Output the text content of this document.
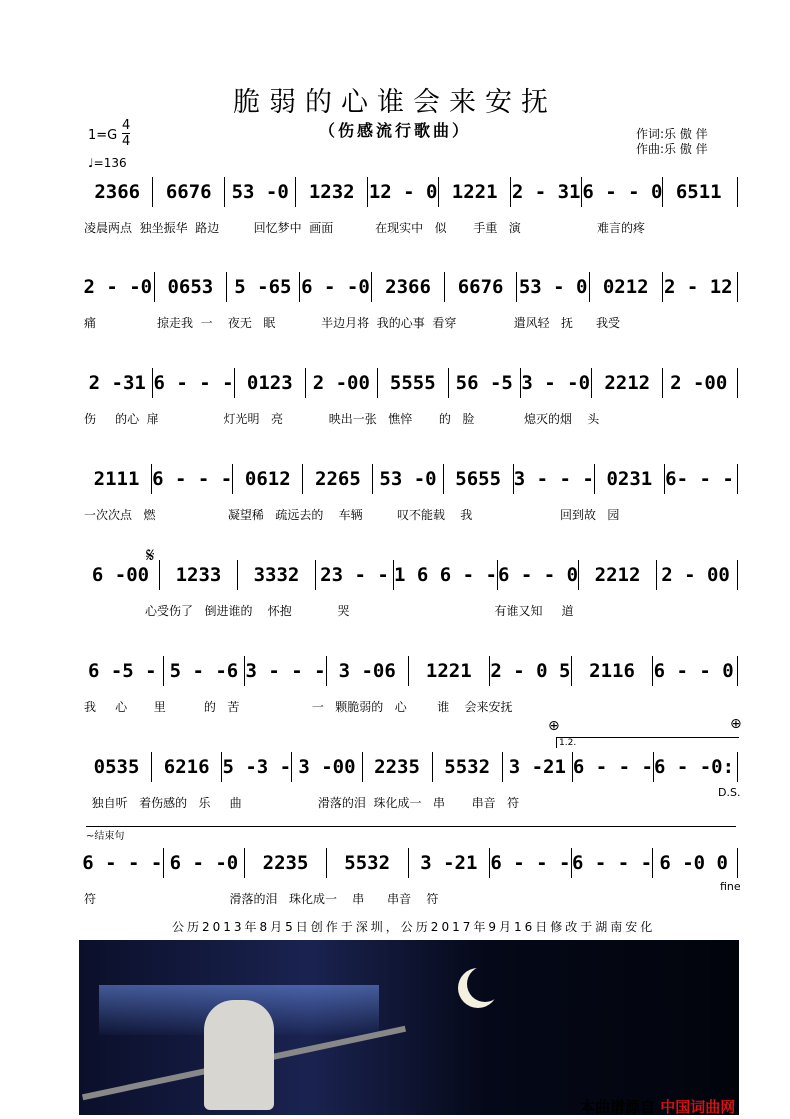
脆弱的心谁会来安抚
（伤感流行歌曲）
1=G
4
4
♩=136
作词:乐 傲 伴
作曲:乐 傲 伴
2366	6676	53 -0	1232 12 - 0 1221 2 - 31 6 - - 0 6511
凌晨两点  独坐振华  路边         回忆梦中  画面           在现实中   似       手重   演                    难言的疼
2 - -0 0653	5 -65 6 - -0 2366	6676 53 - 0 0212 2 - 12
痛                掠走我  一    夜无   眠            半边月将  我的心事  看穿               遣风轻   抚      我受
2 -31 6 - - - 0123	2 -00	5555	56 -5 3 - -0 2212	2 -00
伤     的心  扉                 灯光明   亮            映出一张   憔悴       的   脸             熄灭的烟    头
2111 6 - - - 0612	2265 53 -0 5655 3 - - - 0231 6- - -
一次次点   燃                   凝望稀   疏远去的    车辆         叹不能载    我                       回到故   园
6 -00	1233	3332	23 - - 1 6 6 - - 6 - - 0 2212	2 - 00
心受伤了   倒进谁的    怀抱            哭                                      有谁又知     道
6 -5 - 5 - -6 3 - - - 3 -06	1221 2 - 0 5 2116 6 - - 0
我     心       里          的   苦                   一   颗脆弱的   心        谁    会来安抚
0535	6216 5 -3 - 3 -00 2235	5532 3 -21 6 - - - 6 - -0:
独自听   着伤感的   乐     曲                    滑落的泪  珠化成一   串       串音   符
6 - - - 6 - -0	2235	5532	3 -21 6 - - - 6 - - - 6 -0 0
符                                   滑落的泪   珠化成一    串      串音    符
𝄋
⊕	⊕
1.2.
D.S.
~结束句
fine
公历2013年8月5日创作于深圳，公历2017年9月16日修改于湖南安化
本曲谱源自 中国词曲网
